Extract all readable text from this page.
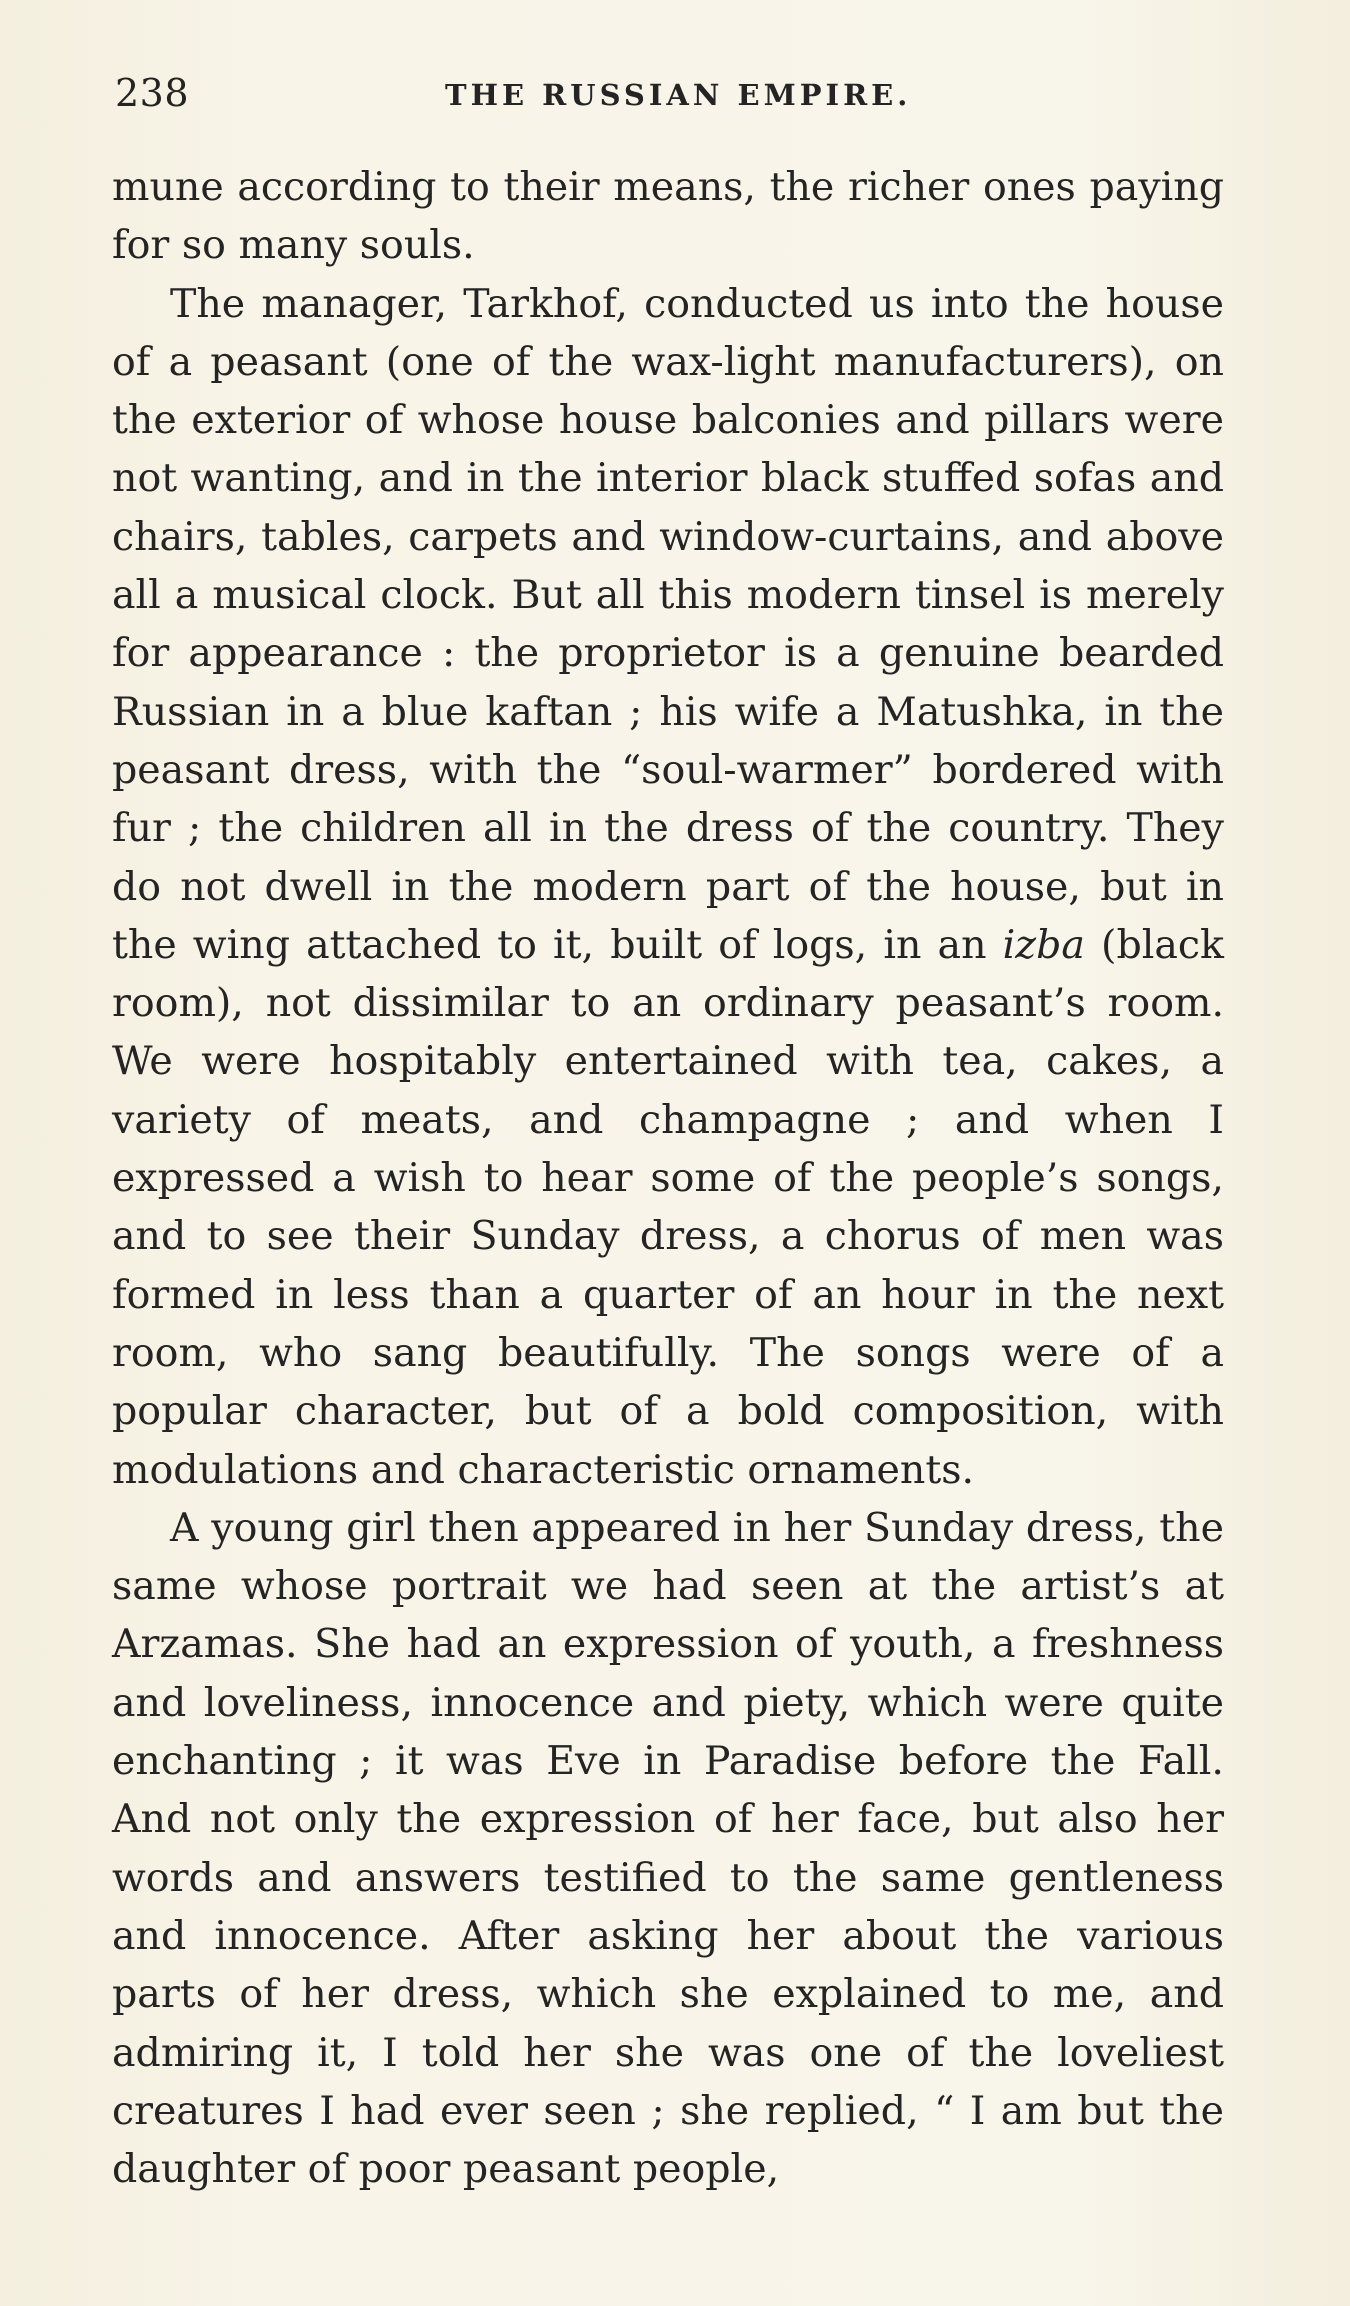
238	THE RUSSIAN EMPIRE.

mune according to their means, the richer ones paying for so many souls.

The manager, Tarkhof, conducted us into the house of a peasant (one of the wax-light manufacturers), on the exterior of whose house balconies and pillars were not wanting, and in the interior black stuffed sofas and chairs, tables, carpets and window-curtains, and above all a musical clock. But all this modern tinsel is merely for appearance : the proprietor is a genuine bearded Russian in a blue kaftan ; his wife a Matushka, in the peasant dress, with the “soul-warmer” bordered with fur ; the children all in the dress of the country. They do not dwell in the modern part of the house, but in the wing attached to it, built of logs, in an izba (black room), not dissimilar to an ordinary peasant’s room. We were hospitably entertained with tea, cakes, a variety of meats, and champagne ; and when I expressed a wish to hear some of the people’s songs, and to see their Sunday dress, a chorus of men was formed in less than a quarter of an hour in the next room, who sang beautifully. The songs were of a popular character, but of a bold composition, with modulations and characteristic ornaments.

A young girl then appeared in her Sunday dress, the same whose portrait we had seen at the artist’s at Arzamas. She had an expression of youth, a freshness and loveliness, innocence and piety, which were quite enchanting ; it was Eve in Paradise before the Fall. And not only the expression of her face, but also her words and answers testified to the same gentleness and innocence. After asking her about the various parts of her dress, which she explained to me, and admiring it, I told her she was one of the loveliest creatures I had ever seen ; she replied, “ I am but the daughter of poor peasant people,
